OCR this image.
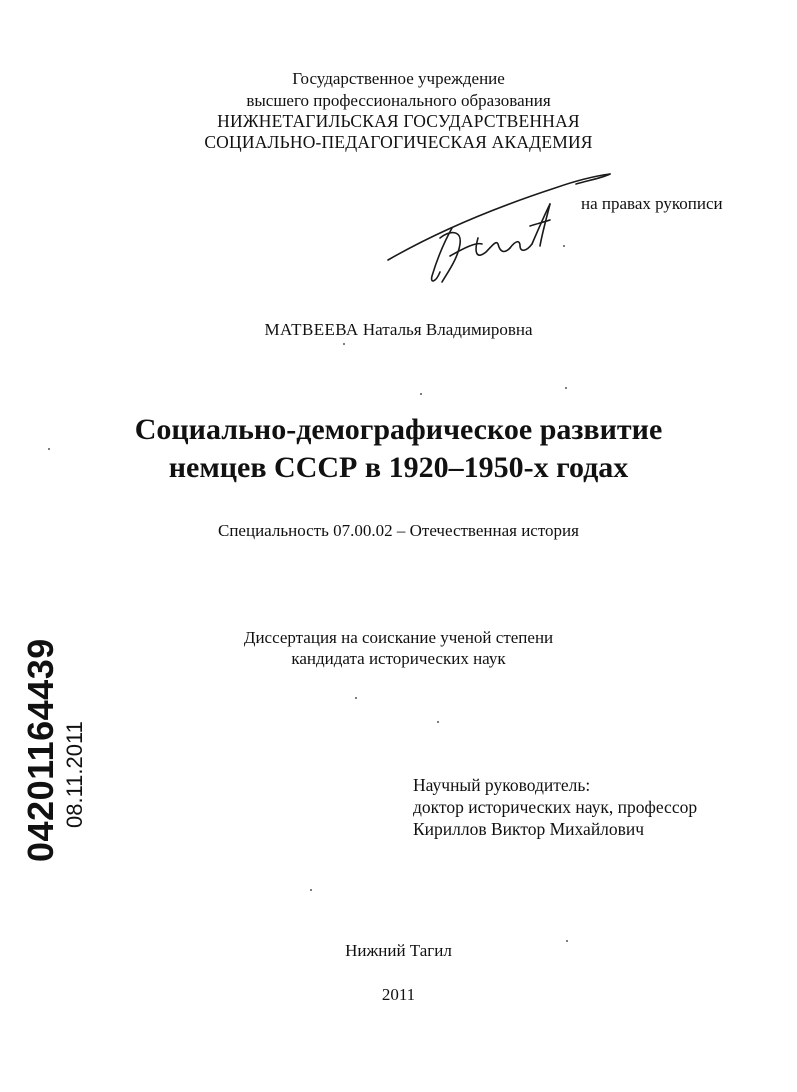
Государственное учреждение
высшего профессионального образования
НИЖНЕТАГИЛЬСКАЯ ГОСУДАРСТВЕННАЯ
СОЦИАЛЬНО-ПЕДАГОГИЧЕСКАЯ АКАДЕМИЯ
на правах рукописи
МАТВЕЕВА Наталья Владимировна
Социально-демографическое развитие
немцев СССР в 1920–1950-х годах
Специальность 07.00.02 – Отечественная история
Диссертация на соискание ученой степени
кандидата исторических наук
Научный руководитель:
доктор исторических наук, профессор
Кириллов Виктор Михайлович
Нижний Тагил
2011
04201164439 08.11.2011
